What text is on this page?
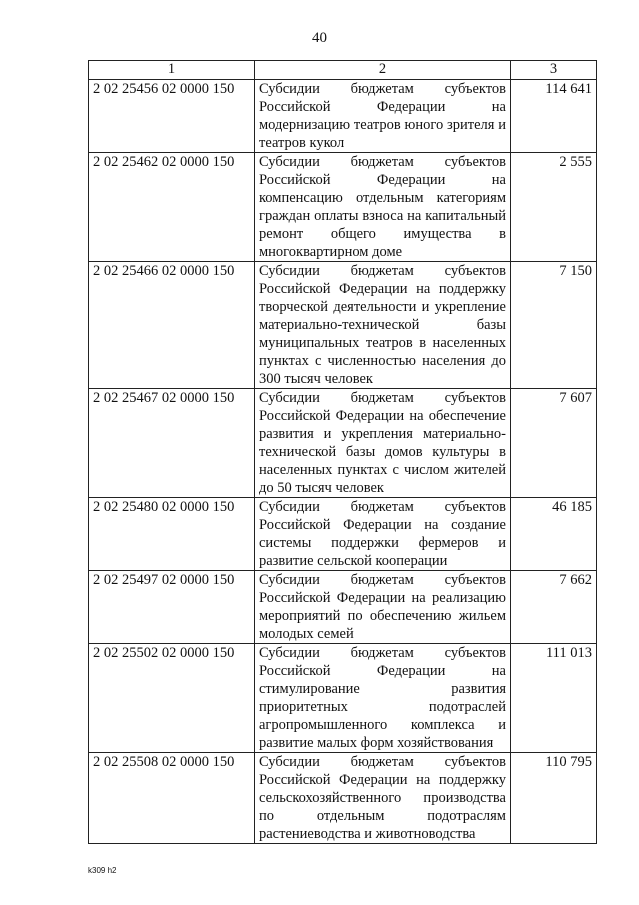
40
1	2	3
2 02 25456 02 0000 150	Субсидии бюджетам субъектов Российской Федерации на модернизацию театров юного зрителя и театров кукол	114 641
2 02 25462 02 0000 150	Субсидии бюджетам субъектов Российской Федерации на компенсацию отдельным категориям граждан оплаты взноса на капитальный ремонт общего имущества в многоквартирном доме	2 555
2 02 25466 02 0000 150	Субсидии бюджетам субъектов Российской Федерации на поддержку творческой деятельности и укрепление материально-технической базы муниципальных театров в населенных пунктах с численностью населения до 300 тысяч человек	7 150
2 02 25467 02 0000 150	Субсидии бюджетам субъектов Российской Федерации на обеспечение развития и укрепления материально-технической базы домов культуры в населенных пунктах с числом жителей до 50 тысяч человек	7 607
2 02 25480 02 0000 150	Субсидии бюджетам субъектов Российской Федерации на создание системы поддержки фермеров и развитие сельской кооперации	46 185
2 02 25497 02 0000 150	Субсидии бюджетам субъектов Российской Федерации на реализацию мероприятий по обеспечению жильем молодых семей	7 662
2 02 25502 02 0000 150	Субсидии бюджетам субъектов Российской Федерации на стимулирование развития приоритетных подотраслей агропромышленного комплекса и развитие малых форм хозяйствования	111 013
2 02 25508 02 0000 150	Субсидии бюджетам субъектов Российской Федерации на поддержку сельскохозяйственного производства по отдельным подотраслям растениеводства и животноводства	110 795
k309 h2
